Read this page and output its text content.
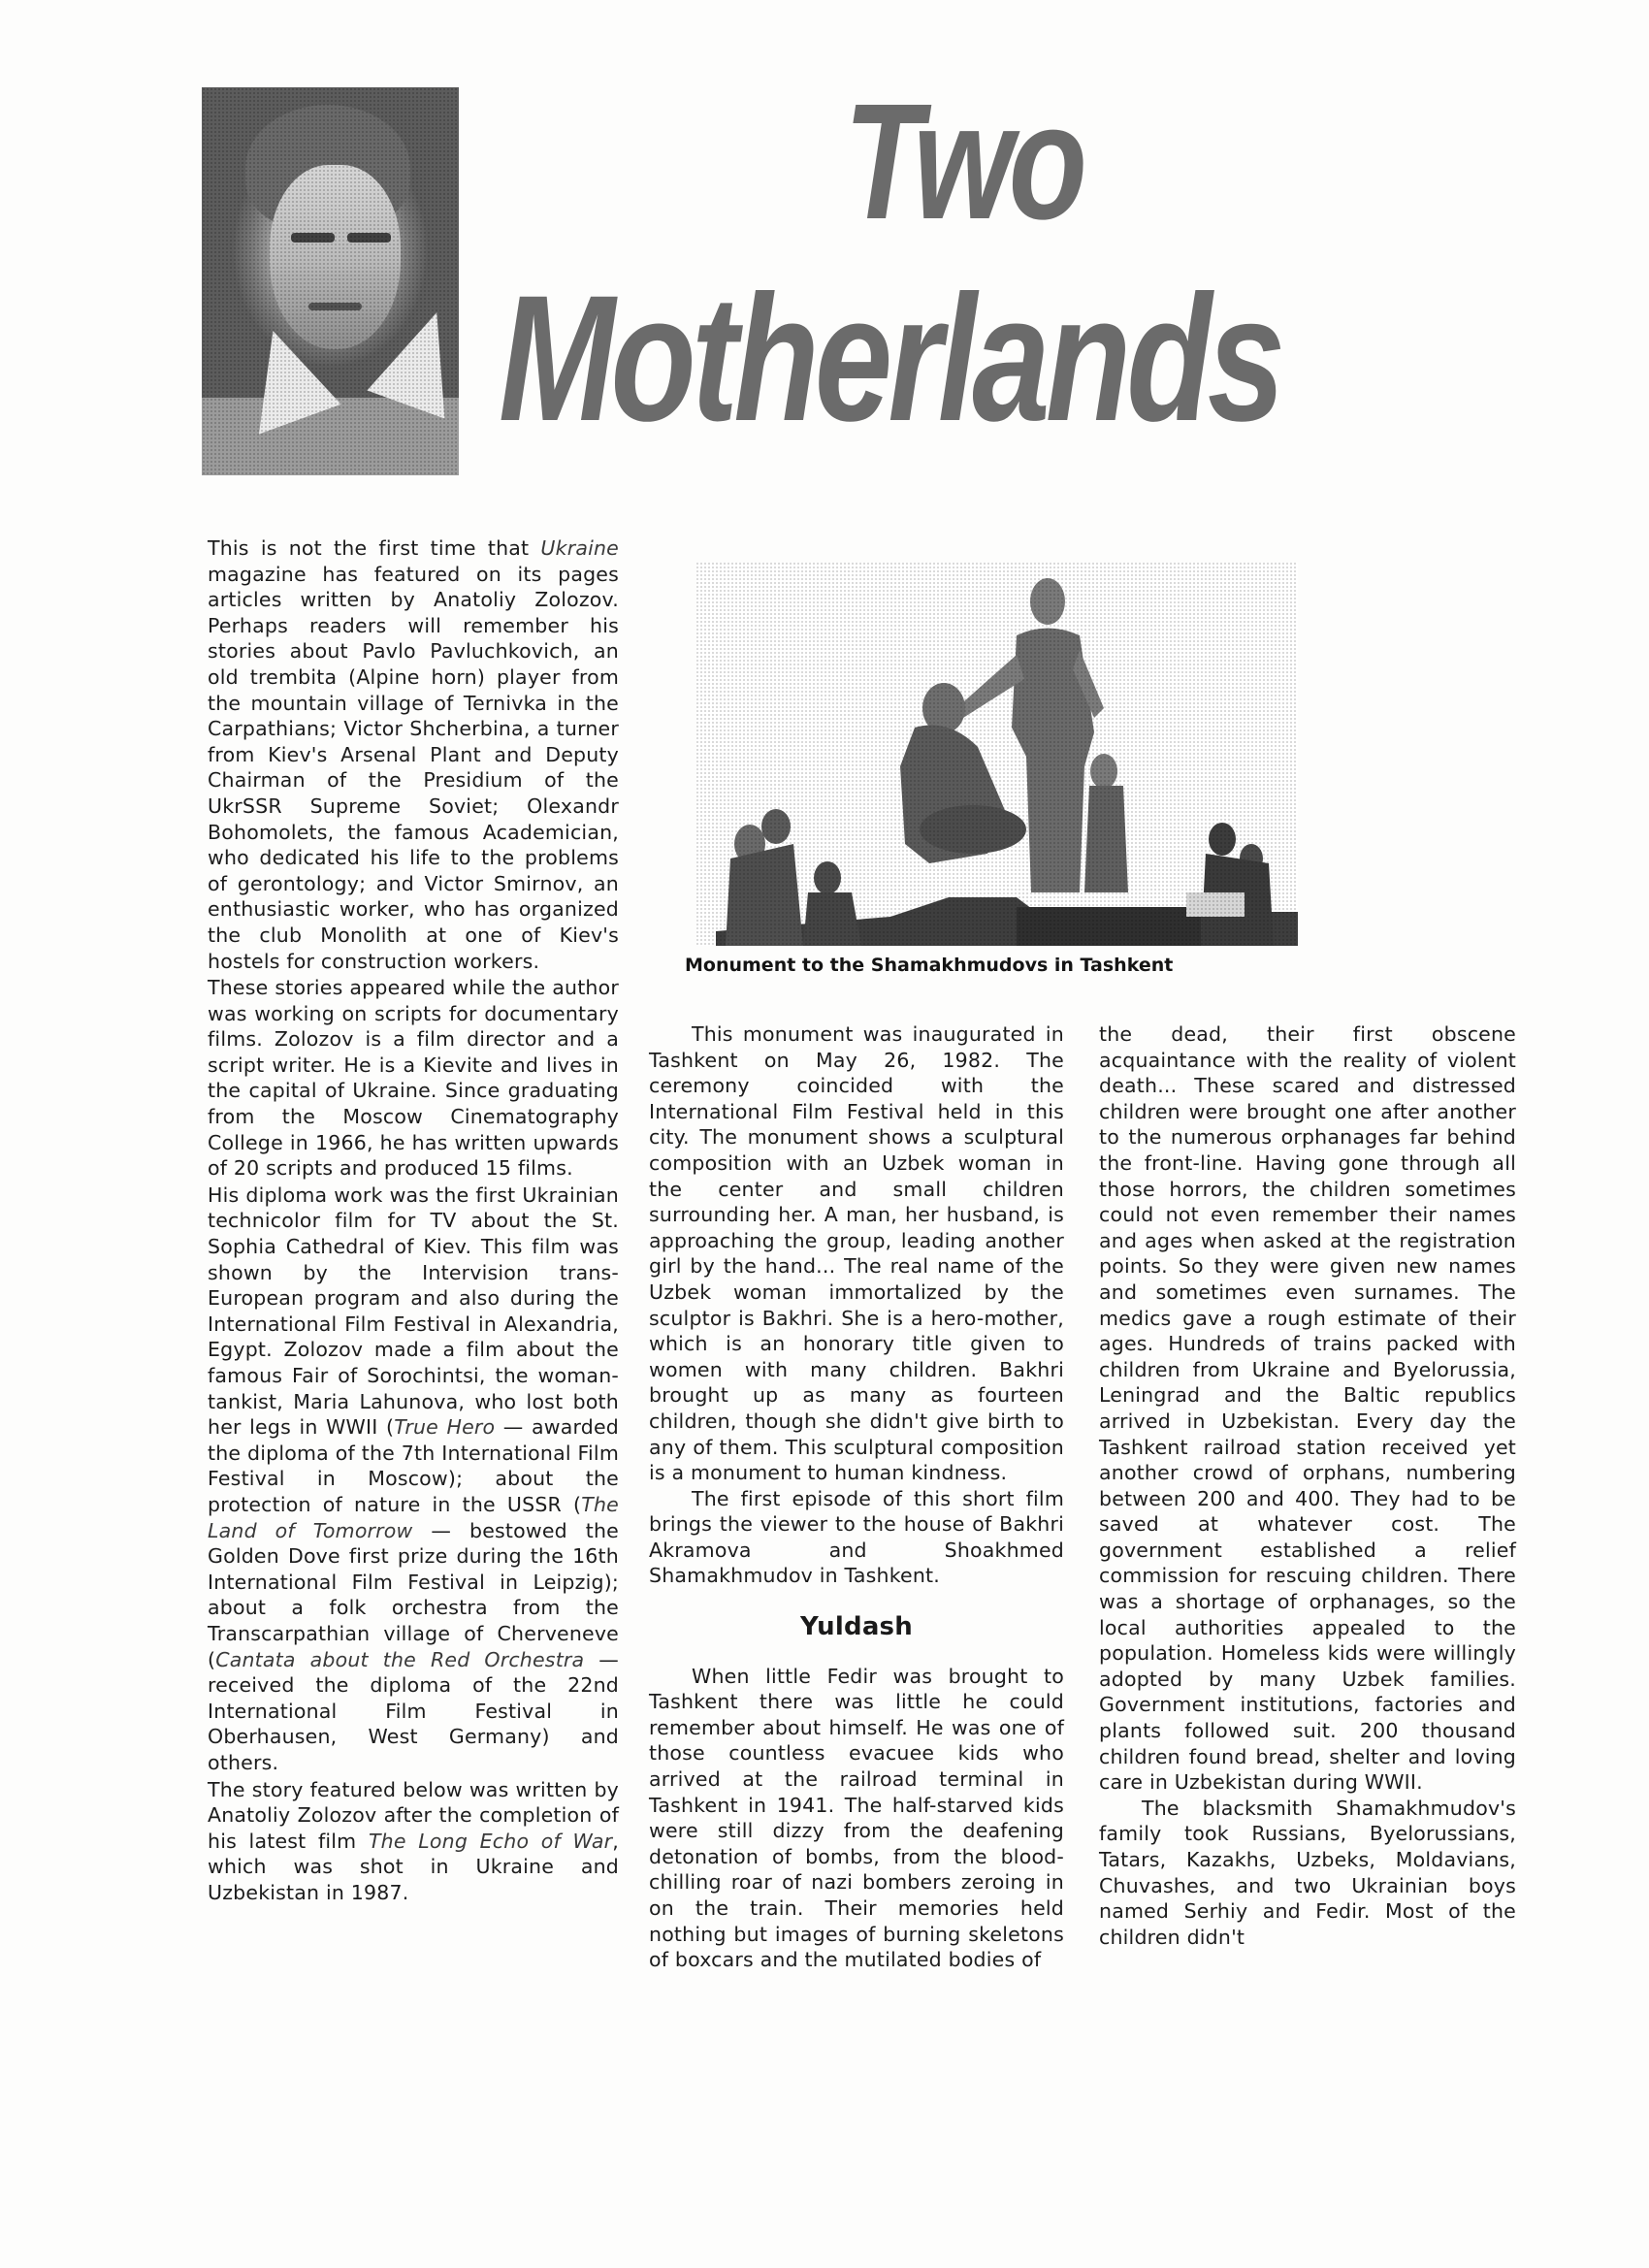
Two
Motherlands

This is not the first time that Ukraine magazine has featured on its pages articles written by Anatoliy Zolozov. Perhaps readers will remember his stories about Pavlo Pavluchkovich, an old trembita (Alpine horn) player from the mountain village of Ternivka in the Carpathians; Victor Shcherbina, a turner from Kiev's Arsenal Plant and Deputy Chairman of the Presidium of the UkrSSR Supreme Soviet; Olexandr Bohomolets, the famous Academician, who dedicated his life to the problems of gerontology; and Victor Smirnov, an enthusiastic worker, who has organized the club Monolith at one of Kiev's hostels for construction workers.

These stories appeared while the author was working on scripts for documentary films. Zolozov is a film director and a script writer. He is a Kievite and lives in the capital of Ukraine. Since graduating from the Moscow Cinematography College in 1966, he has written upwards of 20 scripts and produced 15 films.

His diploma work was the first Ukrainian technicolor film for TV about the St. Sophia Cathedral of Kiev. This film was shown by the Intervision trans-European program and also during the International Film Festival in Alexandria, Egypt. Zolozov made a film about the famous Fair of Sorochintsi, the woman-tankist, Maria Lahunova, who lost both her legs in WWII (True Hero — awarded the diploma of the 7th International Film Festival in Moscow); about the protection of nature in the USSR (The Land of Tomorrow — bestowed the Golden Dove first prize during the 16th International Film Festival in Leipzig); about a folk orchestra from the Transcarpathian village of Cherveneve (Cantata about the Red Orchestra — received the diploma of the 22nd International Film Festival in Oberhausen, West Germany) and others.

The story featured below was written by Anatoliy Zolozov after the completion of his latest film The Long Echo of War, which was shot in Ukraine and Uzbekistan in 1987.

Monument to the Shamakhmudovs in Tashkent

This monument was inaugurated in Tashkent on May 26, 1982. The ceremony coincided with the International Film Festival held in this city. The monument shows a sculptural composition with an Uzbek woman in the center and small children surrounding her. A man, her husband, is approaching the group, leading another girl by the hand... The real name of the Uzbek woman immortalized by the sculptor is Bakhri. She is a hero-mother, which is an honorary title given to women with many children. Bakhri brought up as many as fourteen children, though she didn't give birth to any of them. This sculptural composition is a monument to human kindness.

The first episode of this short film brings the viewer to the house of Bakhri Akramova and Shoakhmed Shamakhmudov in Tashkent.

Yuldash

When little Fedir was brought to Tashkent there was little he could remember about himself. He was one of those countless evacuee kids who arrived at the railroad terminal in Tashkent in 1941. The half-starved kids were still dizzy from the deafening detonation of bombs, from the blood-chilling roar of nazi bombers zeroing in on the train. Their memories held nothing but images of burning skeletons of boxcars and the mutilated bodies of

the dead, their first obscene acquaintance with the reality of violent death... These scared and distressed children were brought one after another to the numerous orphanages far behind the front-line. Having gone through all those horrors, the children sometimes could not even remember their names and ages when asked at the registration points. So they were given new names and sometimes even surnames. The medics gave a rough estimate of their ages. Hundreds of trains packed with children from Ukraine and Byelorussia, Leningrad and the Baltic republics arrived in Uzbekistan. Every day the Tashkent railroad station received yet another crowd of orphans, numbering between 200 and 400. They had to be saved at whatever cost. The government established a relief commission for rescuing children. There was a shortage of orphanages, so the local authorities appealed to the population. Homeless kids were willingly adopted by many Uzbek families. Government institutions, factories and plants followed suit. 200 thousand children found bread, shelter and loving care in Uzbekistan during WWII.

The blacksmith Shamakhmudov's family took Russians, Byelorussians, Tatars, Kazakhs, Uzbeks, Moldavians, Chuvashes, and two Ukrainian boys named Serhiy and Fedir. Most of the children didn't
